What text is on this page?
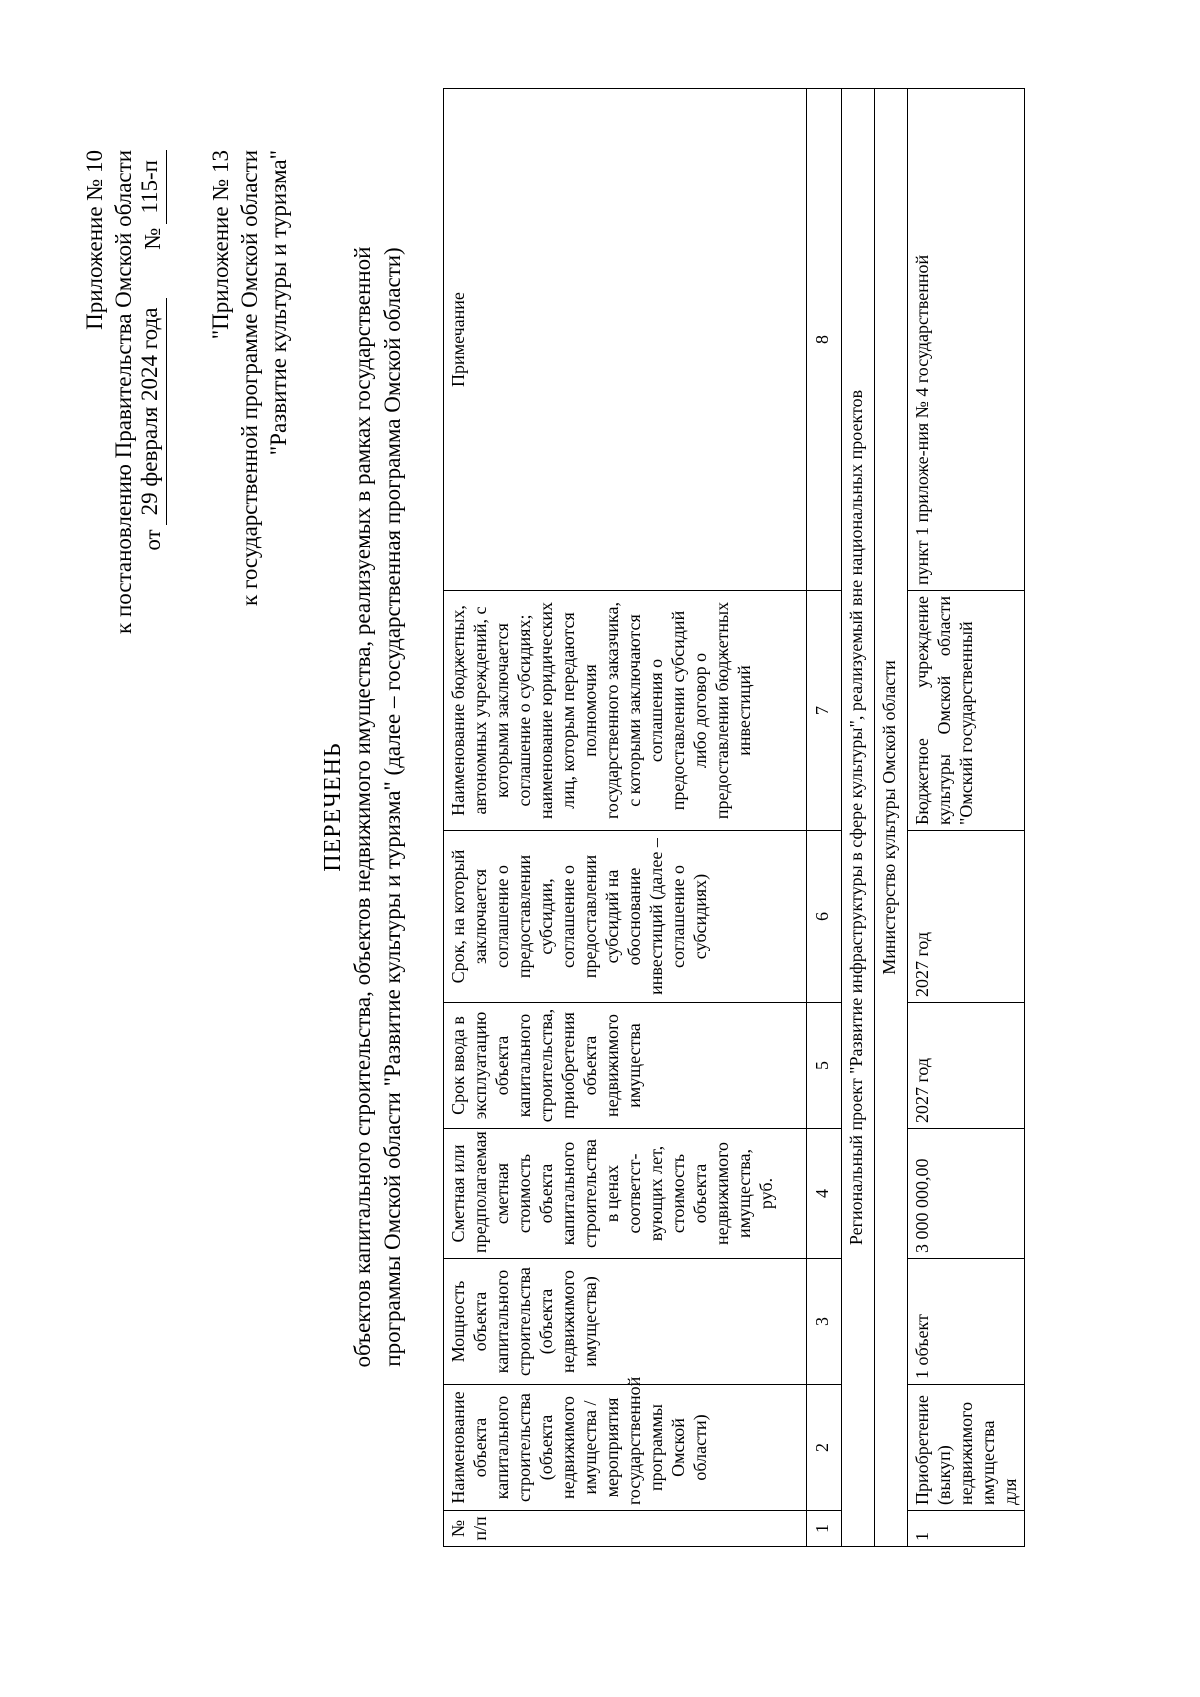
Приложение № 10 к постановлению Правительства Омской области от
29 февраля 2024 года
№
115-п "Приложение № 13 к государственной программе Омской области "Развитие культуры и туризма"
ПЕРЕЧЕНЬ объектов капитального строительства, объектов недвижимого имущества, реализуемых в рамках государственной программы Омской области "Развитие культуры и туризма" (далее – государственная программа Омской области)
№ п/п	Наименование объекта капитального строительства (объекта недвижимого имущества / мероприятия государственной программы Омской области)	Мощность объекта капитального строительства (объекта недвижимого имущества)	Сметная или предполагаемая сметная стоимость объекта капитального строительства в ценах соответст-вующих лет, стоимость объекта недвижимого имущества, руб.	Срок ввода в эксплуатацию объекта капитального строительства, приобретения объекта недвижимого имущества	Срок, на который заключается соглашение о предоставлении субсидии, соглашение о предоставлении субсидий на обоснование инвестиций (далее – соглашение о субсидиях)	Наименование бюджетных, автономных учреждений, с которыми заключается соглашение о субсидиях; наименование юридических лиц, которым передаются полномочия государственного заказчика, с которыми заключаются соглашения о предоставлении субсидий либо договор о предоставлении бюджетных инвестиций	Примечание
1	2	3	4	5	6	7	8
Региональный проект "Развитие инфраструктуры в сфере культуры", реализуемый вне национальных проектов							
Министерство культуры Омской области							
1	Приобретение (выкуп) недвижимого имущества для	1 объект	3 000 000,00	2027 год	2027 год	Бюджетное учреждение культуры Омской области "Омский государственный	пункт 1 приложе-ния № 4 государственной
